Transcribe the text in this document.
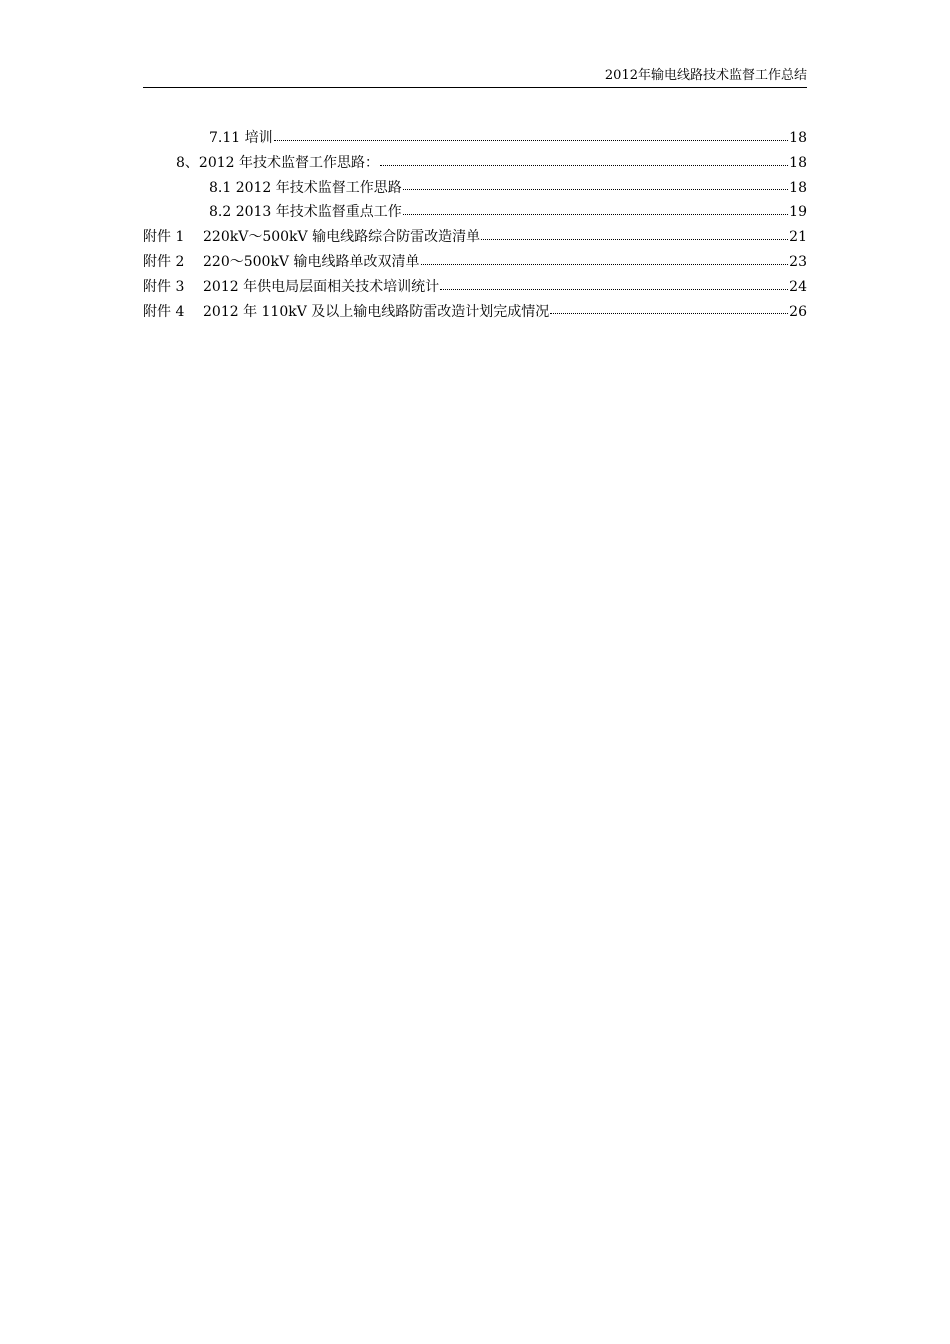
2012年输电线路技术监督工作总结
7.11 培训	18
8、2012 年技术监督工作思路：	18
8.1 2012 年技术监督工作思路	18
8.2 2013 年技术监督重点工作	19
附件 1	220kV～500kV 输电线路综合防雷改造清单	21
附件 2	220～500kV 输电线路单改双清单	23
附件 3	2012 年供电局层面相关技术培训统计	24
附件 4	2012 年 110kV 及以上输电线路防雷改造计划完成情况	26
